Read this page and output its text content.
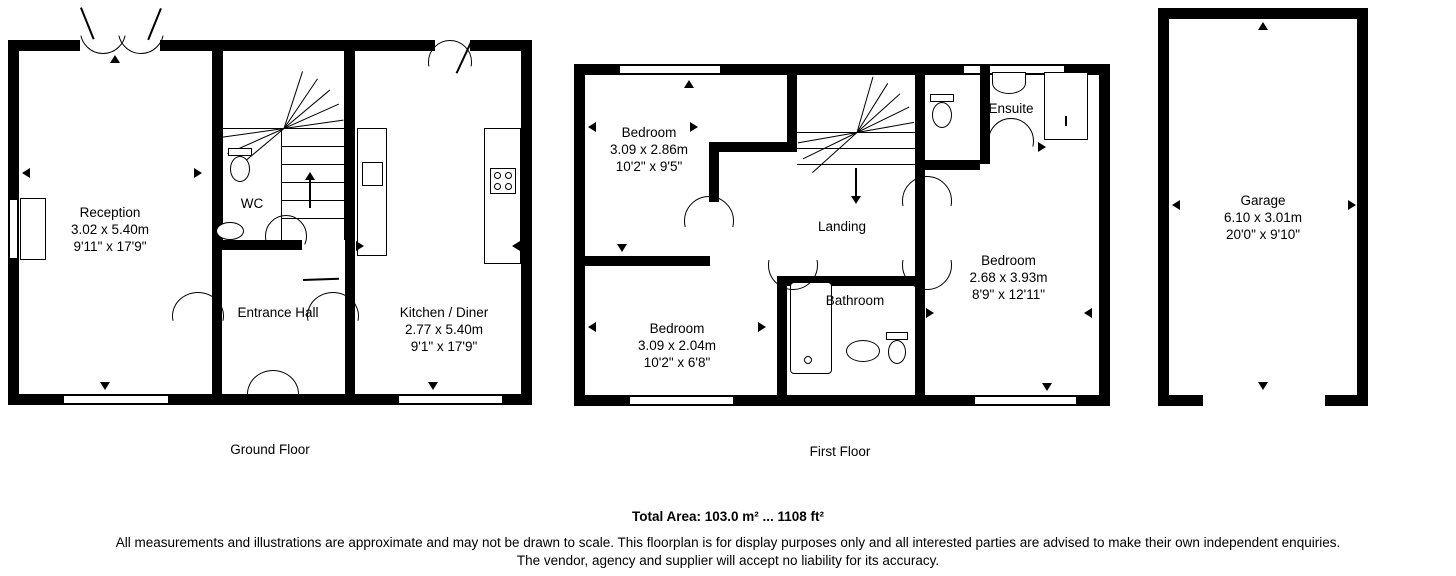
Reception
3.02 x 5.40m
9'11" x 17'9"
WC
Entrance Hall	Kitchen / Diner
2.77 x 5.40m
9'1" x 17'9"
Ground Floor
Bedroom
3.09 x 2.86m
10'2" x 9'5"
Ensuite
Landing
Bedroom
2.68 x 3.93m
8'9" x 12'11"
Bedroom
3.09 x 2.04m
10'2" x 6'8"
Bathroom
First Floor
Garage
6.10 x 3.01m
20'0" x 9'10"
Total Area: 103.0 m² ... 1108 ft²
All measurements and illustrations are approximate and may not be drawn to scale. This floorplan is for display purposes only and all interested parties are advised to make their own independent enquiries.
The vendor, agency and supplier will accept no liability for its accuracy.
